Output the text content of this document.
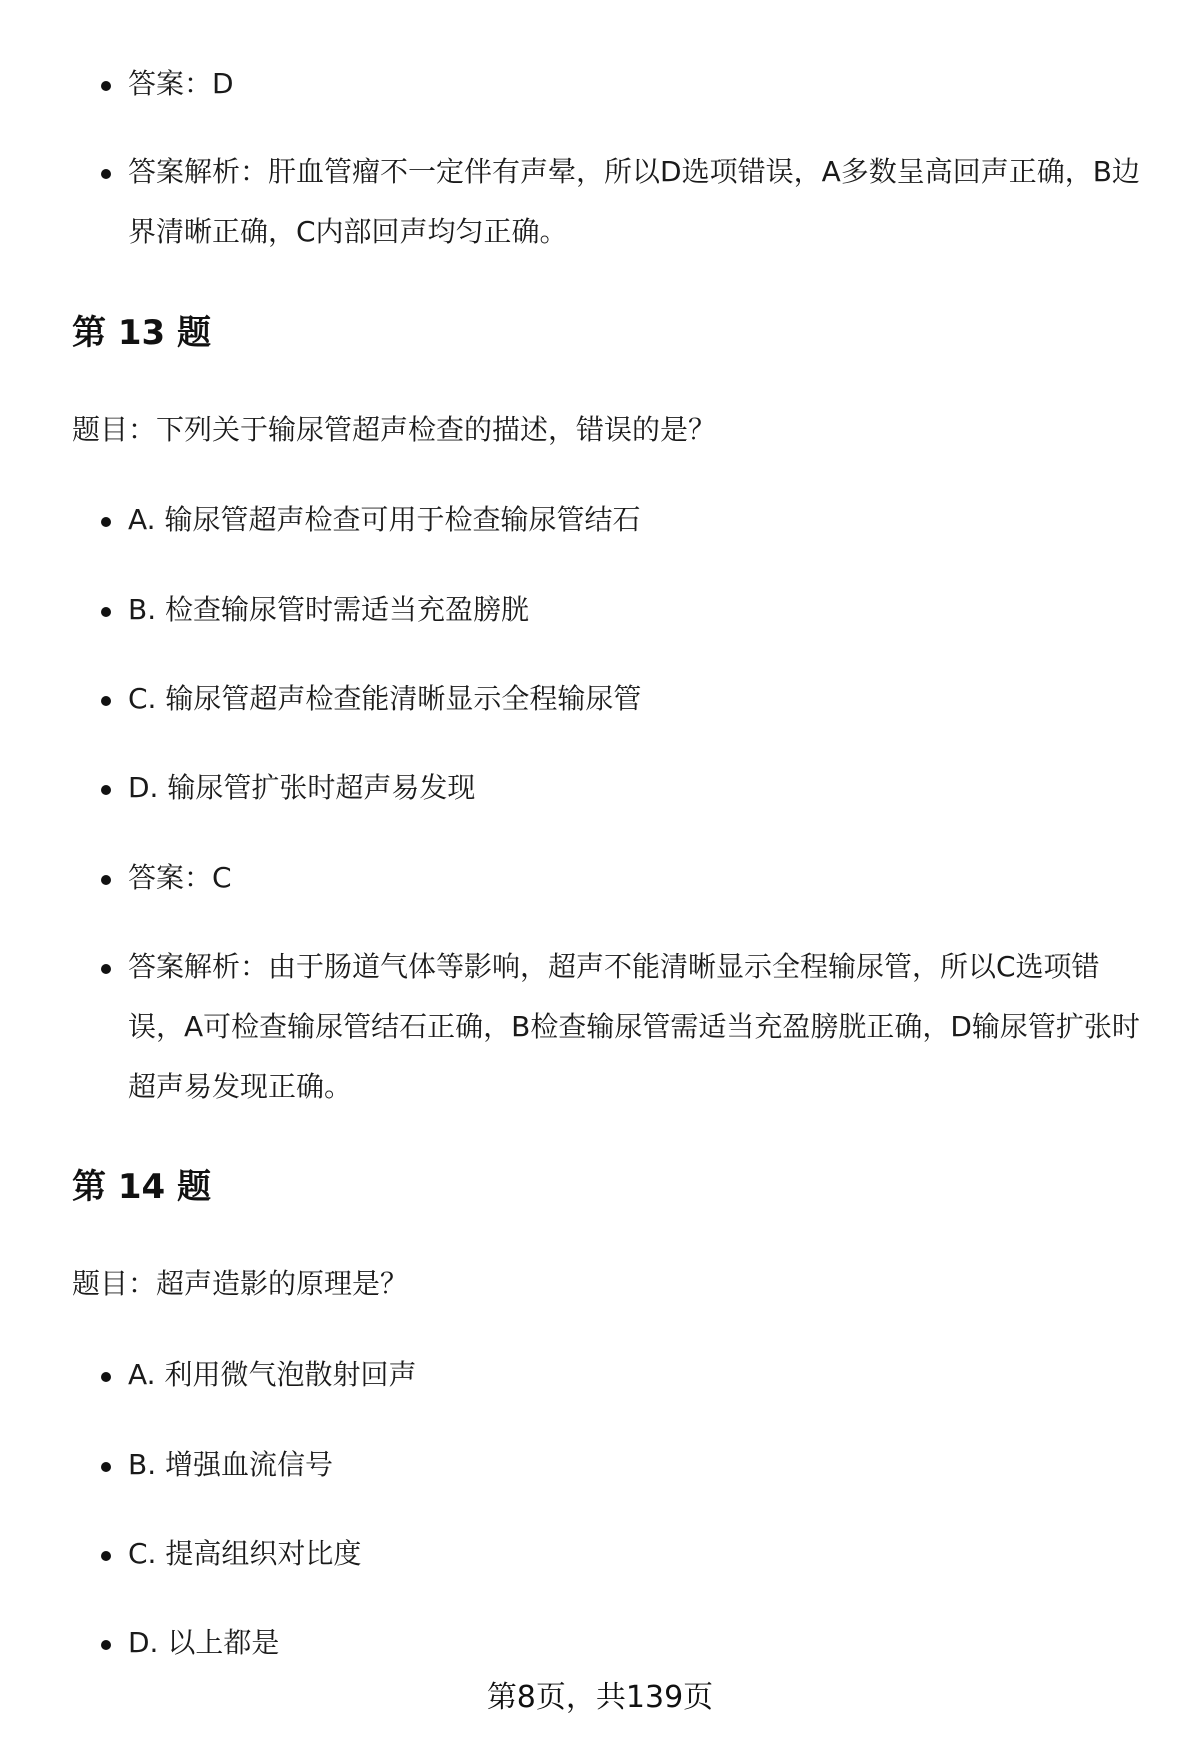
答案：D
答案解析：肝血管瘤不一定伴有声晕，所以D选项错误，A多数呈高回声正确，B边界清晰正确，C内部回声均匀正确。
第 13 题
题目：下列关于输尿管超声检查的描述，错误的是？
A. 输尿管超声检查可用于检查输尿管结石
B. 检查输尿管时需适当充盈膀胱
C. 输尿管超声检查能清晰显示全程输尿管
D. 输尿管扩张时超声易发现
答案：C
答案解析：由于肠道气体等影响，超声不能清晰显示全程输尿管，所以C选项错误，A可检查输尿管结石正确，B检查输尿管需适当充盈膀胱正确，D输尿管扩张时超声易发现正确。
第 14 题
题目：超声造影的原理是？
A. 利用微气泡散射回声
B. 增强血流信号
C. 提高组织对比度
D. 以上都是
第8页，共139页
